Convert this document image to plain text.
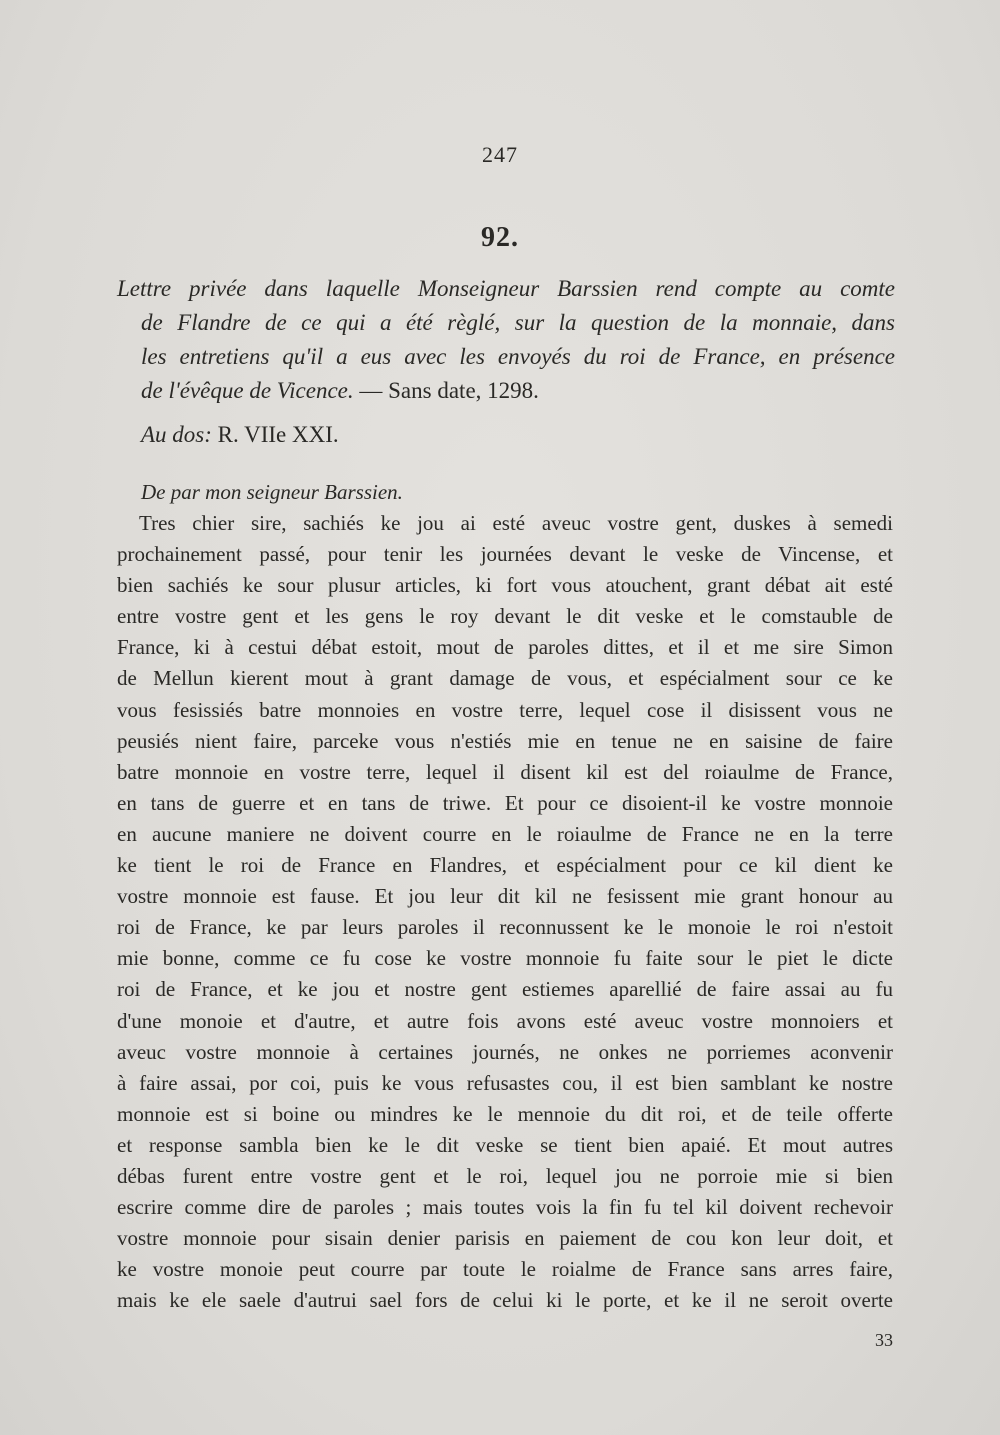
247
92.
Lettre privée dans laquelle Monseigneur Barssien rend compte au comte
de Flandre de ce qui a été règlé, sur la question de la monnaie, dans
les entretiens qu'il a eus avec les envoyés du roi de France, en présence
de l'évêque de Vicence. — Sans date, 1298.
Au dos: R. VIIe XXI.
De par mon seigneur Barssien.
Tres chier sire, sachiés ke jou ai esté aveuc vostre gent, duskes à semedi
prochainement passé, pour tenir les journées devant le veske de Vincense, et
bien sachiés ke sour plusur articles, ki fort vous atouchent, grant débat ait esté
entre vostre gent et les gens le roy devant le dit veske et le comstauble de
France, ki à cestui débat estoit, mout de paroles dittes, et il et me sire Simon
de Mellun kierent mout à grant damage de vous, et espécialment sour ce ke
vous fesissiés batre monnoies en vostre terre, lequel cose il disissent vous ne
peusiés nient faire, parceke vous n'estiés mie en tenue ne en saisine de faire
batre monnoie en vostre terre, lequel il disent kil est del roiaulme de France,
en tans de guerre et en tans de triwe. Et pour ce disoient-il ke vostre monnoie
en aucune maniere ne doivent courre en le roiaulme de France ne en la terre
ke tient le roi de France en Flandres, et espécialment pour ce kil dient ke
vostre monnoie est fause. Et jou leur dit kil ne fesissent mie grant honour au
roi de France, ke par leurs paroles il reconnussent ke le monoie le roi n'estoit
mie bonne, comme ce fu cose ke vostre monnoie fu faite sour le piet le dicte
roi de France, et ke jou et nostre gent estiemes aparellié de faire assai au fu
d'une monoie et d'autre, et autre fois avons esté aveuc vostre monnoiers et
aveuc vostre monnoie à certaines journés, ne onkes ne porriemes aconvenir
à faire assai, por coi, puis ke vous refusastes cou, il est bien samblant ke nostre
monnoie est si boine ou mindres ke le mennoie du dit roi, et de teile offerte
et response sambla bien ke le dit veske se tient bien apaié. Et mout autres
débas furent entre vostre gent et le roi, lequel jou ne porroie mie si bien
escrire comme dire de paroles ; mais toutes vois la fin fu tel kil doivent rechevoir
vostre monnoie pour sisain denier parisis en paiement de cou kon leur doit, et
ke vostre monoie peut courre par toute le roialme de France sans arres faire,
mais ke ele saele d'autrui sael fors de celui ki le porte, et ke il ne seroit overte
33
